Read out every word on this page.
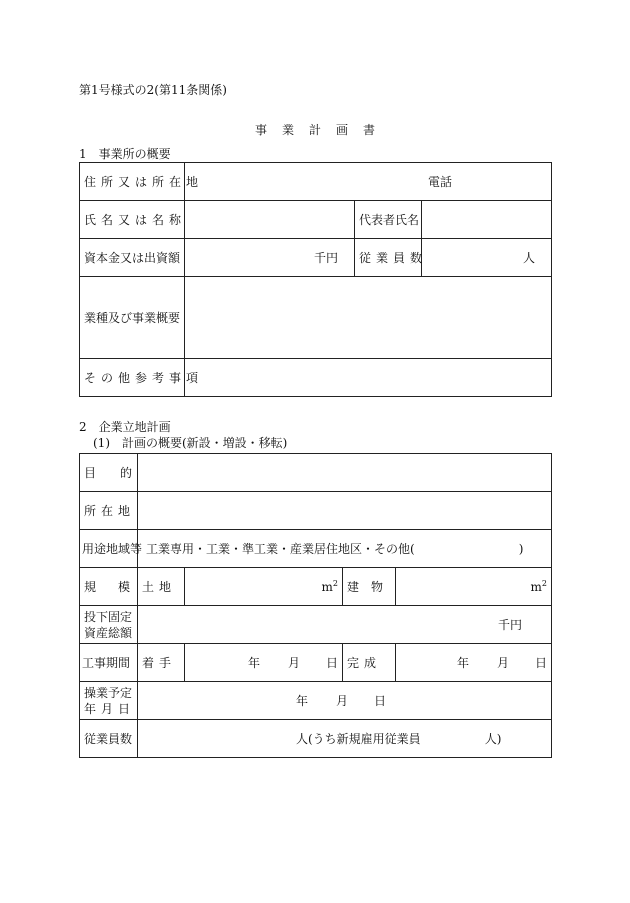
第1号様式の2(第11条関係)
事業計画書
1　事業所の概要
住所又は所在地	電話		
氏名又は名称		代表者氏名	
資本金又は出資額	千円	従業員数	人
業種及び事業概要			
その他参考事項			
2　企業立地計画
(1)　計画の概要(新設・増設・移転)
目　　的				
所在地				
用途地域等	工業専用・工業・準工業・産業居住地区・その他( )			
規　模	土地	$m^2$	建　物	$m^2$
投下固定
資産総額	千円			
工事期間	着手	年 月 日	完成	年 月 日
操業予定
年月日	年 月 日			
従業員数	人(うち新規雇用従業員 人)			
